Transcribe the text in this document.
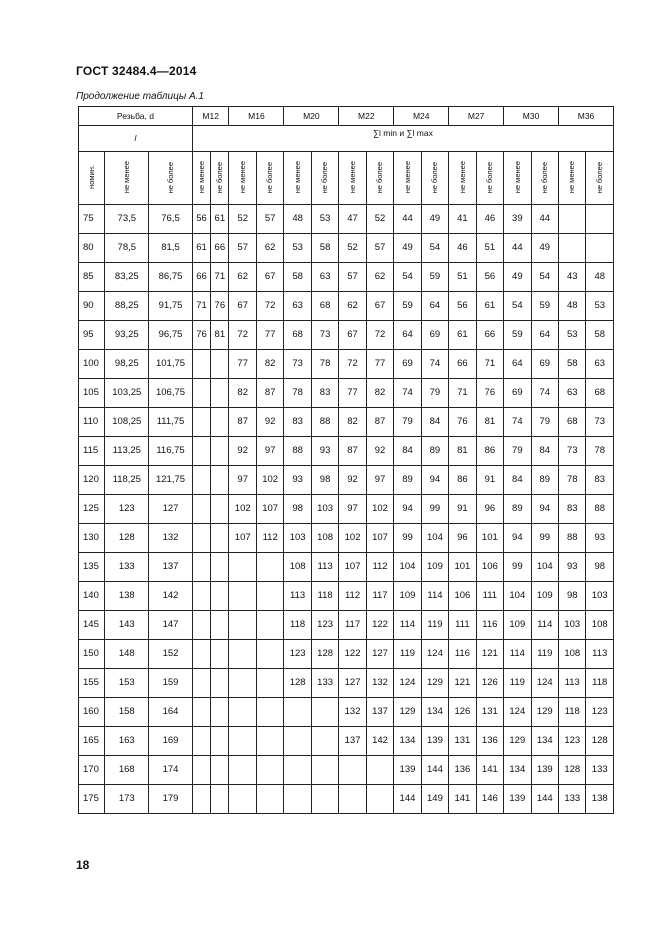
ГОСТ 32484.4—2014
Продолжение таблицы А.1
Резьба, d			M12		M16		M20		M22		M24		M27		M30		M36	
l			∑l min и ∑l max															
номин.	не менее	не более	не менее	не более	не менее	не более	не менее	не более	не менее	не более	не менее	не более	не менее	не более	не менее	не более	не менее	не более
75	73,5	76,5	56	61	52	57	48	53	47	52	44	49	41	46	39	44		
80	78,5	81,5	61	66	57	62	53	58	52	57	49	54	46	51	44	49		
85	83,25	86,75	66	71	62	67	58	63	57	62	54	59	51	56	49	54	43	48
90	88,25	91,75	71	76	67	72	63	68	62	67	59	64	56	61	54	59	48	53
95	93,25	96,75	76	81	72	77	68	73	67	72	64	69	61	66	59	64	53	58
100	98,25	101,75			77	82	73	78	72	77	69	74	66	71	64	69	58	63
105	103,25	106,75			82	87	78	83	77	82	74	79	71	76	69	74	63	68
110	108,25	111,75			87	92	83	88	82	87	79	84	76	81	74	79	68	73
115	113,25	116,75			92	97	88	93	87	92	84	89	81	86	79	84	73	78
120	118,25	121,75			97	102	93	98	92	97	89	94	86	91	84	89	78	83
125	123	127			102	107	98	103	97	102	94	99	91	96	89	94	83	88
130	128	132			107	112	103	108	102	107	99	104	96	101	94	99	88	93
135	133	137					108	113	107	112	104	109	101	106	99	104	93	98
140	138	142					113	118	112	117	109	114	106	111	104	109	98	103
145	143	147					118	123	117	122	114	119	111	116	109	114	103	108
150	148	152					123	128	122	127	119	124	116	121	114	119	108	113
155	153	159					128	133	127	132	124	129	121	126	119	124	113	118
160	158	164							132	137	129	134	126	131	124	129	118	123
165	163	169							137	142	134	139	131	136	129	134	123	128
170	168	174									139	144	136	141	134	139	128	133
175	173	179									144	149	141	146	139	144	133	138
18
